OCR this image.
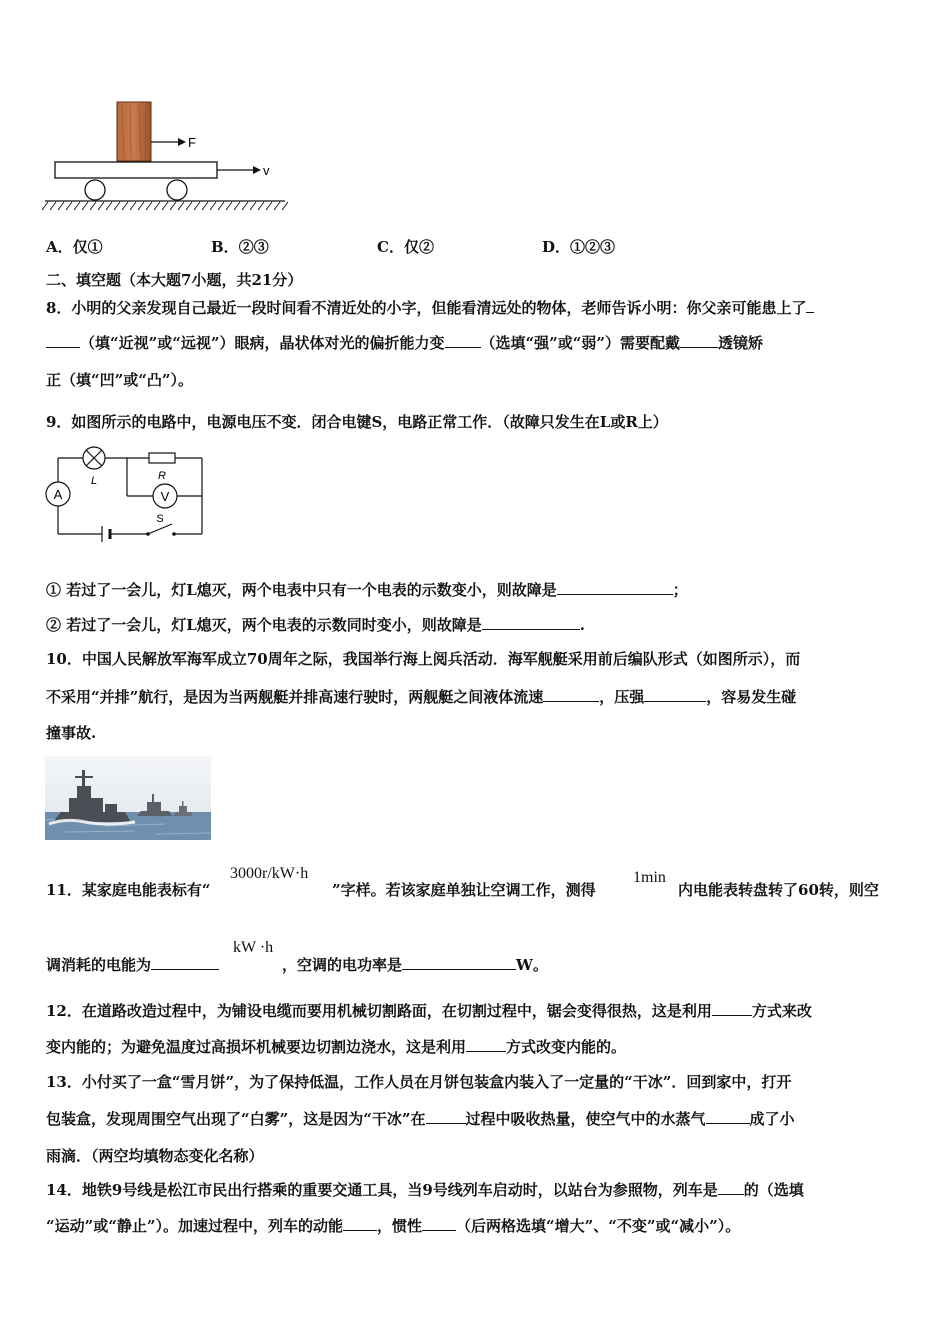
F
v
A．仅①	B．②③	C．仅②	D．①②③
二、填空题（本大题7小题，共21分）
8．小明的父亲发现自己最近一段时间看不清近处的小字，但能看清远处的物体，老师告诉小明：你父亲可能患上了
（填“近视”或“远视”）眼病，晶状体对光的偏折能力变 （选填“强”或“弱”）需要配戴	透镜矫
正（填“凹”或“凸”）。
9．如图所示的电路中，电源电压不变．闭合电键S，电路正常工作．（故障只发生在L或R上）
A
L	R
V
S
① 若过了一会儿，灯L熄灭，两个电表中只有一个电表的示数变小，则故障是	；
② 若过了一会儿，灯L熄灭，两个电表的示数同时变小，则故障是	.
10．中国人民解放军海军成立70周年之际，我国举行海上阅兵活动．海军舰艇采用前后编队形式（如图所示），而
不采用“并排”航行，是因为当两舰艇并排高速行驶时，两舰艇之间液体流速	，压强	，容易发生碰
撞事故.
11．某家庭电能表标有“
3000r/kW·h
”字样。若该家庭单独让空调工作，测得
1min
内电能表转盘转了60转，则空
调消耗的电能为
kW ·h
，空调的电功率是	W。
12．在道路改造过程中，为铺设电缆而要用机械切割路面，在切割过程中，锯会变得很热，这是利用	方式来改
变内能的；为避免温度过高损坏机械要边切割边浇水，这是利用	方式改变内能的。
13．小付买了一盒“雪月饼”，为了保持低温，工作人员在月饼包装盒内装入了一定量的“干冰”．回到家中，打开
包装盒，发现周围空气出现了“白雾”，这是因为“干冰”在	过程中吸收热量，使空气中的水蒸气	成了小
雨滴．（两空均填物态变化名称）
14．地铁9号线是松江市民出行搭乘的重要交通工具，当9号线列车启动时，以站台为参照物，列车是 的（选填
“运动”或“静止”）。加速过程中，列车的动能 ，惯性 （后两格选填“增大”、“不变”或“减小”）。
